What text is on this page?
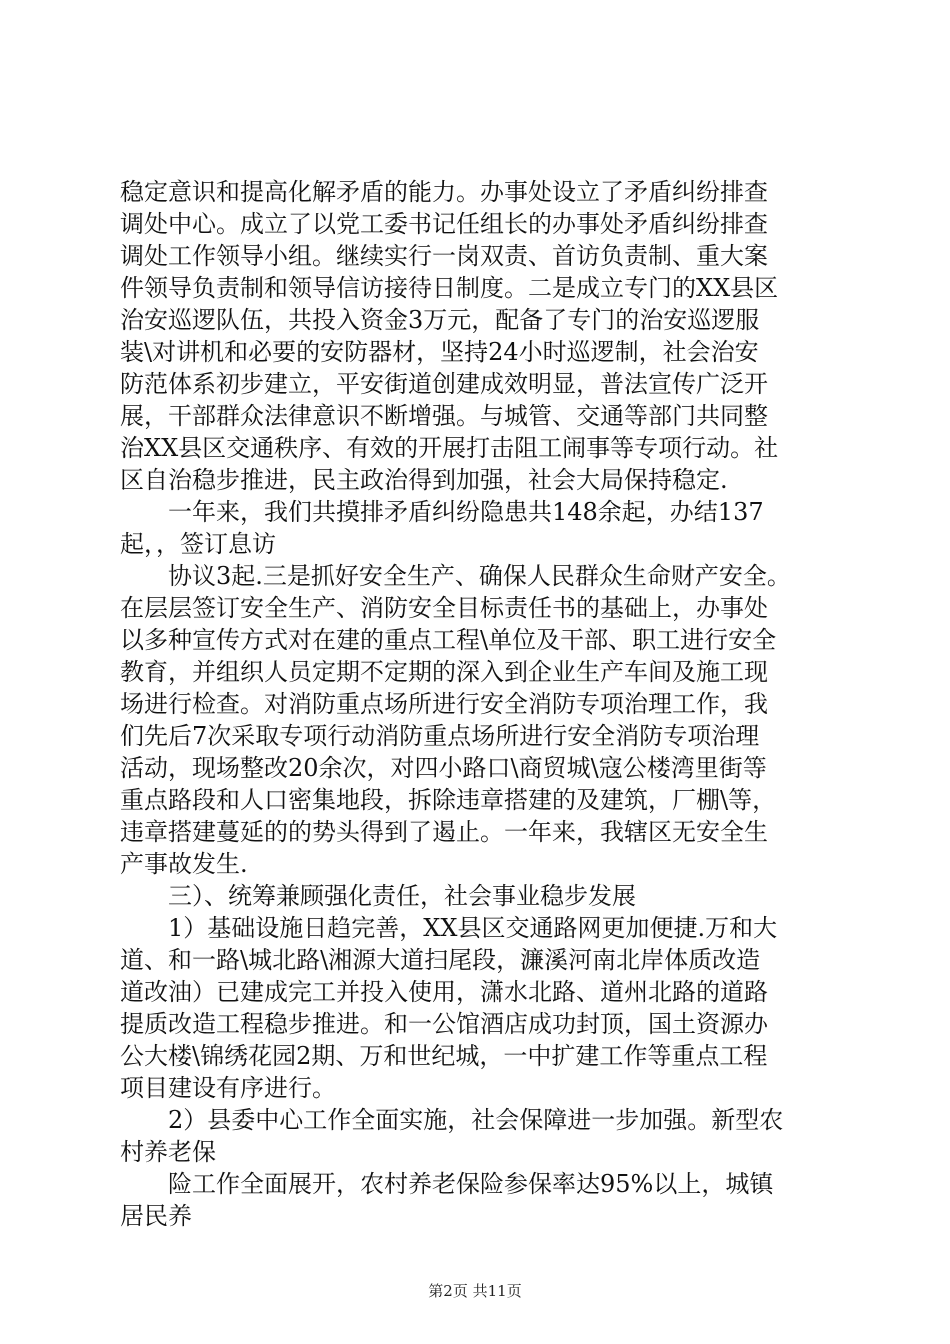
稳定意识和提高化解矛盾的能力。办事处设立了矛盾纠纷排查
调处中心。成立了以党工委书记任组长的办事处矛盾纠纷排查
调处工作领导小组。继续实行一岗双责、首访负责制、重大案
件领导负责制和领导信访接待日制度。二是成立专门的XX县区
治安巡逻队伍，共投入资金3万元，配备了专门的治安巡逻服
装\对讲机和必要的安防器材，坚持24小时巡逻制，社会治安
防范体系初步建立，平安街道创建成效明显，普法宣传广泛开
展，干部群众法律意识不断增强。与城管、交通等部门共同整
治XX县区交通秩序、有效的开展打击阻工闹事等专项行动。社
区自治稳步推进，民主政治得到加强，社会大局保持稳定.
　　一年来，我们共摸排矛盾纠纷隐患共148余起，办结137
起，，签订息访
　　协议3起.三是抓好安全生产、确保人民群众生命财产安全。
在层层签订安全生产、消防安全目标责任书的基础上，办事处
以多种宣传方式对在建的重点工程\单位及干部、职工进行安全
教育，并组织人员定期不定期的深入到企业生产车间及施工现
场进行检查。对消防重点场所进行安全消防专项治理工作，我
们先后7次采取专项行动消防重点场所进行安全消防专项治理
活动，现场整改20余次，对四小路口\商贸城\寇公楼湾里街等
重点路段和人口密集地段，拆除违章搭建的及建筑，厂棚\等，
违章搭建蔓延的的势头得到了遏止。一年来，我辖区无安全生
产事故发生.
　　三）、统筹兼顾强化责任，社会事业稳步发展
　　1）基础设施日趋完善，XX县区交通路网更加便捷.万和大
道、和一路\城北路\湘源大道扫尾段，濂溪河南北岸体质改造
道改油）已建成完工并投入使用，潇水北路、道州北路的道路
提质改造工程稳步推进。和一公馆酒店成功封顶，国土资源办
公大楼\锦绣花园2期、万和世纪城，一中扩建工作等重点工程
项目建设有序进行。
　　2）县委中心工作全面实施，社会保障进一步加强。新型农
村养老保
　　险工作全面展开，农村养老保险参保率达95%以上，城镇
居民养
第2页 共11页
